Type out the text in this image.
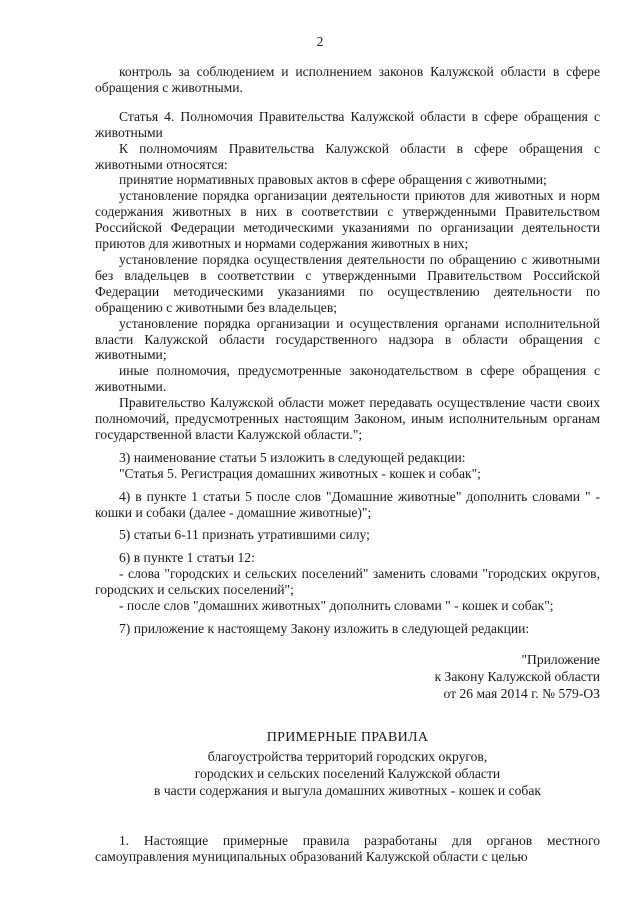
2

контроль за соблюдением и исполнением законов Калужской области в сфере обращения с животными.

Статья 4. Полномочия Правительства Калужской области в сфере обращения с животными

К полномочиям Правительства Калужской области в сфере обращения с животными относятся:

принятие нормативных правовых актов в сфере обращения с животными;

установление порядка организации деятельности приютов для животных и норм содержания животных в них в соответствии с утвержденными Правительством Российской Федерации методическими указаниями по организации деятельности приютов для животных и нормами содержания животных в них;

установление порядка осуществления деятельности по обращению с животными без владельцев в соответствии с утвержденными Правительством Российской Федерации методическими указаниями по осуществлению деятельности по обращению с животными без владельцев;

установление порядка организации и осуществления органами исполнительной власти Калужской области государственного надзора в области обращения с животными;

иные полномочия, предусмотренные законодательством в сфере обращения с животными.

Правительство Калужской области может передавать осуществление части своих полномочий, предусмотренных настоящим Законом, иным исполнительным органам государственной власти Калужской области.";

3) наименование статьи 5 изложить в следующей редакции:

"Статья 5. Регистрация домашних животных - кошек и собак";

4) в пункте 1 статьи 5 после слов "Домашние животные" дополнить словами " - кошки и собаки (далее - домашние животные)";

5) статьи 6-11 признать утратившими силу;

6) в пункте 1 статьи 12:

- слова "городских и сельских поселений" заменить словами "городских округов, городских и сельских поселений";

- после слов "домашних животных" дополнить словами " - кошек и собак";

7) приложение к настоящему Закону изложить в следующей редакции:

"Приложение
к Закону Калужской области
от 26 мая 2014 г. № 579-ОЗ
ПРИМЕРНЫЕ ПРАВИЛА
благоустройства территорий городских округов,
городских и сельских поселений Калужской области
в части содержания и выгула домашних животных - кошек и собак

1. Настоящие примерные правила разработаны для органов местного самоуправления муниципальных образований Калужской области с целью
